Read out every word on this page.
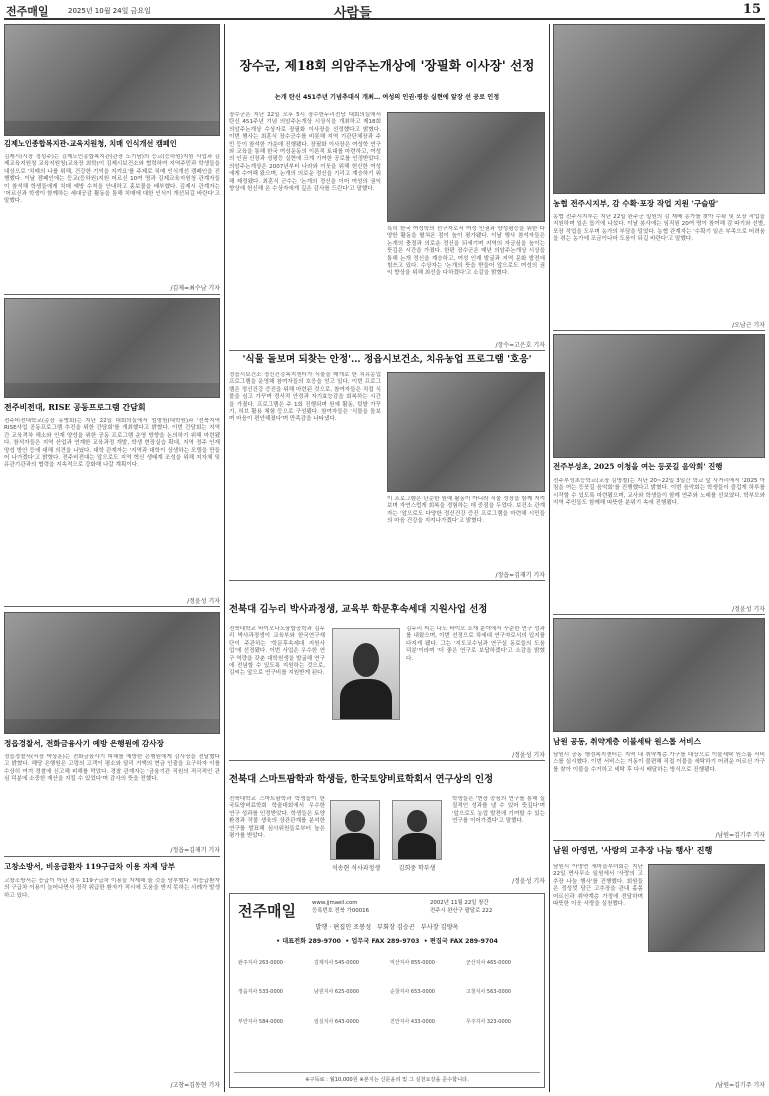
전주매일	2025년 10월 24일 금요일	사람들	15
김제노인종합복지관-교육지원청, 치매 인식개선 캠페인
김제시(시장 정성주)는 김제노인종합복지관(관장 노기남)의 등교(등하원)지원 사업과 김제교육지원청 교육지원청(교육장 최학)이 김제시보건소와 협력하여 지역주민과 학생들을 대상으로 '치매의 나를 위해, 건강한 기억을 지켜요'를 주제로 치매 인식개선 캠페인을 진행했다. 이날 캠페인에는 등교(등하원)지원 어르신 10여 명과 김제교육지원청 관계자들이 참석해 학생들에게 치매 예방 수칙을 안내하고 홍보물을 배부했다. 김제시 관계자는 '어르신과 학생이 함께하는 세대공감 활동을 통해 치매에 대한 인식이 개선되길 바란다'고 말했다.
/김제=최수남 기자
전주비전대, RISE 공동프로그램 간담회
전주비전대학교(총장 유병회)는 지난 22일 대회의실에서 엄형원(대학원)과 '전북지역 RISE사업 공동프로그램 추진을 위한 간담회'를 개최했다고 밝혔다. 이번 간담회는 지역 간 교육격차 해소와 인재 양성을 위한 공동 프로그램 운영 방향을 논의하기 위해 마련됐다. 참석자들은 지역 산업과 연계한 교육과정 개발, 학생 현장실습 확대, 지역 정주 인재 양성 방안 등에 대해 의견을 나눴다. 대학 관계자는 '지역과 대학이 상생하는 모델을 만들어 나가겠다'고 밝혔다. 전주비전대는 앞으로도 지역 혁신 생태계 조성을 위해 지자체 및 유관기관과의 협력을 지속적으로 강화해 나갈 계획이다.
/정윤성 기자
정읍경찰서, 전화금융사기 예방 은행원에 감사장
정읍경찰서(서장 박상훈)는 전화금융사기 피해를 예방한 은행원에게 감사장을 전달했다고 밝혔다. 해당 은행원은 고령의 고객이 평소와 달리 거액의 현금 인출을 요구하자 이를 수상히 여겨 경찰에 신고해 피해를 막았다. 경찰 관계자는 '금융기관 직원의 적극적인 관심 덕분에 소중한 재산을 지킬 수 있었다'며 감사의 뜻을 전했다.
/정읍=김재기 기자
고창소방서, 비응급환자 119구급차 이용 자제 당부
고창소방서는 응급이 아닌 경우 119구급차 이용을 자제해 줄 것을 당부했다. 비응급환자의 구급차 이용이 늘어나면서 정작 위급한 환자가 적시에 도움을 받지 못하는 사례가 발생하고 있다.
/고창=김동현 기자
장수군, 제18회 의암주논개상에 '장필화 이사장' 선정
논개 탄신 451주년 기념추대식 개최… 여성의 인권·평등 실현에 앞장 선 공로 인정
장수군은 지난 22일 오후 5시 장수한누리전당 대회의실에서 탄신 451주년 기념 의암주논개상 시상식을 개최하고 제18회 의암주논개상 수상자로 장필화 이사장을 선정했다고 밝혔다. 이번 행사는 최훈식 장수군수를 비롯해 지역 기관단체장과 주민 등이 참석한 가운데 진행됐다. 장필화 이사장은 여성학 연구와 교육을 통해 한국 여성운동의 이론적 토대를 마련하고, 여성의 인권 신장과 성평등 실현에 크게 기여한 공로를 인정받았다. 의암주논개상은 2007년부터 나라와 이웃을 위해 헌신한 여성에게 수여해 왔으며, 논개의 의로운 정신을 기리고 계승하기 위해 제정됐다. 최훈식 군수는 '논개의 정신을 이어 여성의 권익 향상에 헌신해 온 수상자에게 깊은 감사를 드린다'고 말했다.
특히 한국 여성학의 선구자로서 여성 인권과 양성평등을 위한 다양한 활동을 펼쳐온 점이 높이 평가됐다. 이날 행사 참석자들은 논개의 충절과 의로운 정신을 되새기며 지역의 자긍심을 높이는 뜻깊은 시간을 가졌다. 한편 장수군은 매년 의암주논개상 시상을 통해 논개 정신을 계승하고, 여성 인재 발굴과 지역 문화 발전에 힘쓰고 있다. 수상자는 '논개의 뜻을 받들어 앞으로도 여성의 권익 향상을 위해 최선을 다하겠다'고 소감을 밝혔다.
/장수=고은호 기자
'식물 돌보며 되찾는 안정'… 정읍시보건소, 치유농업 프로그램 '호응'
정읍시보건소 정신건강복지센터가 식물을 매개로 한 치유농업 프로그램을 운영해 참여자들의 호응을 얻고 있다. 이번 프로그램은 정신건강 증진을 위해 마련된 것으로, 참여자들은 직접 식물을 심고 가꾸며 정서적 안정과 자기효능감을 회복하는 시간을 가졌다. 프로그램은 주 1회 진행되며 원예 활동, 텃밭 가꾸기, 허브 활용 체험 등으로 구성됐다. 참여자들은 '식물을 돌보며 마음이 편안해졌다'며 만족감을 나타냈다.
이 프로그램은 단순한 원예 활동이 아니라 식물 성장을 함께 지켜보며 자연스럽게 회복을 경험하는 데 중점을 두었다. 보건소 관계자는 '앞으로도 다양한 정신건강 증진 프로그램을 마련해 시민들의 마음 건강을 지켜나가겠다'고 밝혔다.
/정읍=김재기 기자
전북대 김누리 박사과정생, 교육부 학문후속세대 지원사업 선정
전북대학교 바이오나노융합공학과 김누리 박사과정생이 교육부와 한국연구재단이 주관하는 '학문후속세대 지원사업'에 선정됐다. 이번 사업은 우수한 연구 역량을 갖춘 대학원생을 발굴해 연구에 전념할 수 있도록 지원하는 것으로, 김씨는 앞으로 연구비를 지원받게 된다.
김누리 씨는 나노 바이오 소재 분야에서 꾸준한 연구 성과를 내왔으며, 이번 선정으로 차세대 연구자로서의 입지를 다지게 됐다. 그는 '지도교수님과 연구실 동료들의 도움 덕분'이라며 '더 좋은 연구로 보답하겠다'고 소감을 밝혔다.
/정윤성 기자
전북대 스마트팜학과 학생들, 한국토양비료학회서 연구상의 인정
전북대학교 스마트팜학과 학생들이 한국토양비료학회 학술대회에서 우수한 연구 성과를 인정받았다. 학생들은 토양 환경과 작물 생육의 상관관계를 분석한 연구를 발표해 심사위원들로부터 높은 평가를 받았다.
석송현 석사과정생	김희중 학부생
학생들은 '현장 중심의 연구를 통해 실질적인 성과를 낼 수 있어 뜻깊다'며 '앞으로도 농업 발전에 기여할 수 있는 연구를 이어가겠다'고 말했다.
/정윤성 기자
전주매일	www.jjmaeil.com
등록번호 전북 가00016
2002년 11월 22일 창간
전주시 완산구 팔달로 222
발행 · 편집인 조봉성 부회장 김승곤 부사장 김양옥
• 대표전화 289-9700 • 업무국 FAX 289-9703 • 편집국 FAX 289-9704
완주지사 263-0000	김제지사 545-0000	익산지사 855-0000	군산지사 465-0000
정읍지사 533-0000	남원지사 625-0000	순창지사 653-0000	고창지사 563-0000
부안지사 584-0000	임실지사 643-0000	진안지사 433-0000	무주지사 323-0000
※구독료 : 월10,000원 ※본지는 신문윤리 및 그 실천요강을 준수합니다.
농협 전주시지부, 감 수확·포장 작업 지원 '구슬땀'
농협 전주시지부는 지난 22일 완주군 일원의 감 재배 농가를 찾아 수확 및 포장 작업을 지원하며 일손 돕기에 나섰다. 이날 봉사에는 임직원 20여 명이 참여해 감 따기와 선별, 포장 작업을 도우며 농가의 부담을 덜었다. 농협 관계자는 '수확기 일손 부족으로 어려움을 겪는 농가에 조금이나마 도움이 되길 바란다'고 말했다.
/오남근 기자
전주부성초, 2025 이청을 여는 등굣길 음악회' 진행
전주부성초등학교(교장 김명철)는 지난 20~22일 3일간 학교 앞 사거리에서 '2025 아침을 여는 등굣길 음악회'를 진행했다고 밝혔다. 이번 음악회는 학생들이 즐겁게 하루를 시작할 수 있도록 마련됐으며, 교사와 학생들이 함께 연주와 노래를 선보였다. 학부모와 지역 주민들도 함께해 따뜻한 분위기 속에 진행됐다.
/정윤성 기자
남원 공동, 취약계층 이불세탁 원스톱 서비스
남원시 공동 행정복지센터는 지역 내 취약계층 가구를 대상으로 이불세탁 원스톱 서비스를 실시했다. 이번 서비스는 거동이 불편해 직접 이불을 세탁하기 어려운 어르신 가구를 찾아 이불을 수거하고 세탁 후 다시 배달하는 방식으로 진행됐다.
/남원=김기주 기자
남원 아영면, '사랑의 고추장 나눔 행사' 진행
남원시 아영면 새마을부녀회는 지난 22일 면사무소 일원에서 '사랑의 고추장 나눔 행사'를 진행했다. 회원들은 정성껏 담근 고추장을 관내 홀몸 어르신과 취약계층 가정에 전달하며 따뜻한 이웃 사랑을 실천했다.
/남원=김기주 기자
